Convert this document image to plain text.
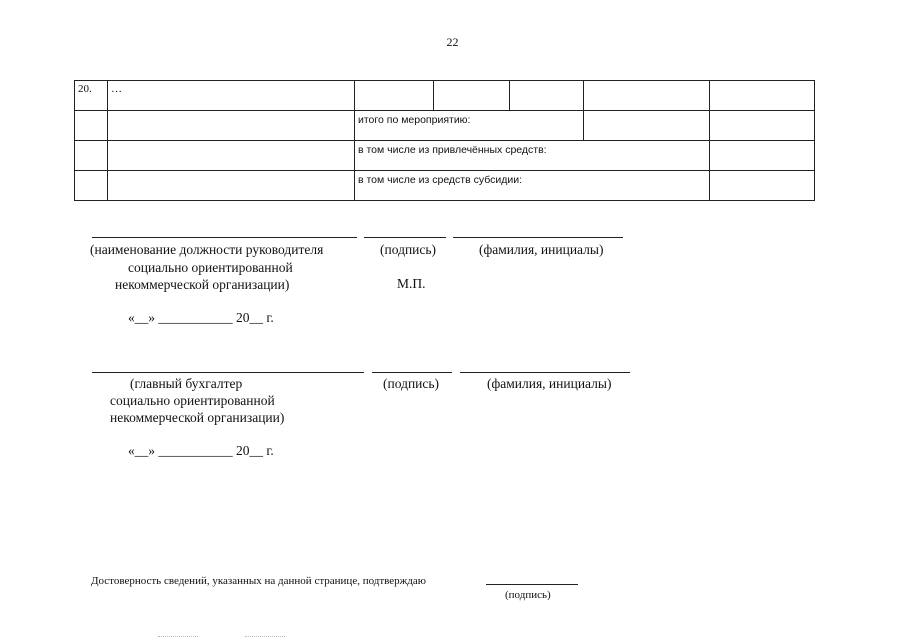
22
20.	…					
		итого по мероприятию:				
		в том числе из привлечённых средств:				
		в том числе из средств субсидии:				
(наименование должности руководителя
социально ориентированной
некоммерческой организации)
(подпись)	(фамилия, инициалы)
М.П.
«__» ___________ 20__ г.
(главный бухгалтер
социально ориентированной
некоммерческой организации)
(подпись)	(фамилия, инициалы)
«__» ___________ 20__ г.
Достоверность сведений, указанных на данной странице, подтверждаю
(подпись)
